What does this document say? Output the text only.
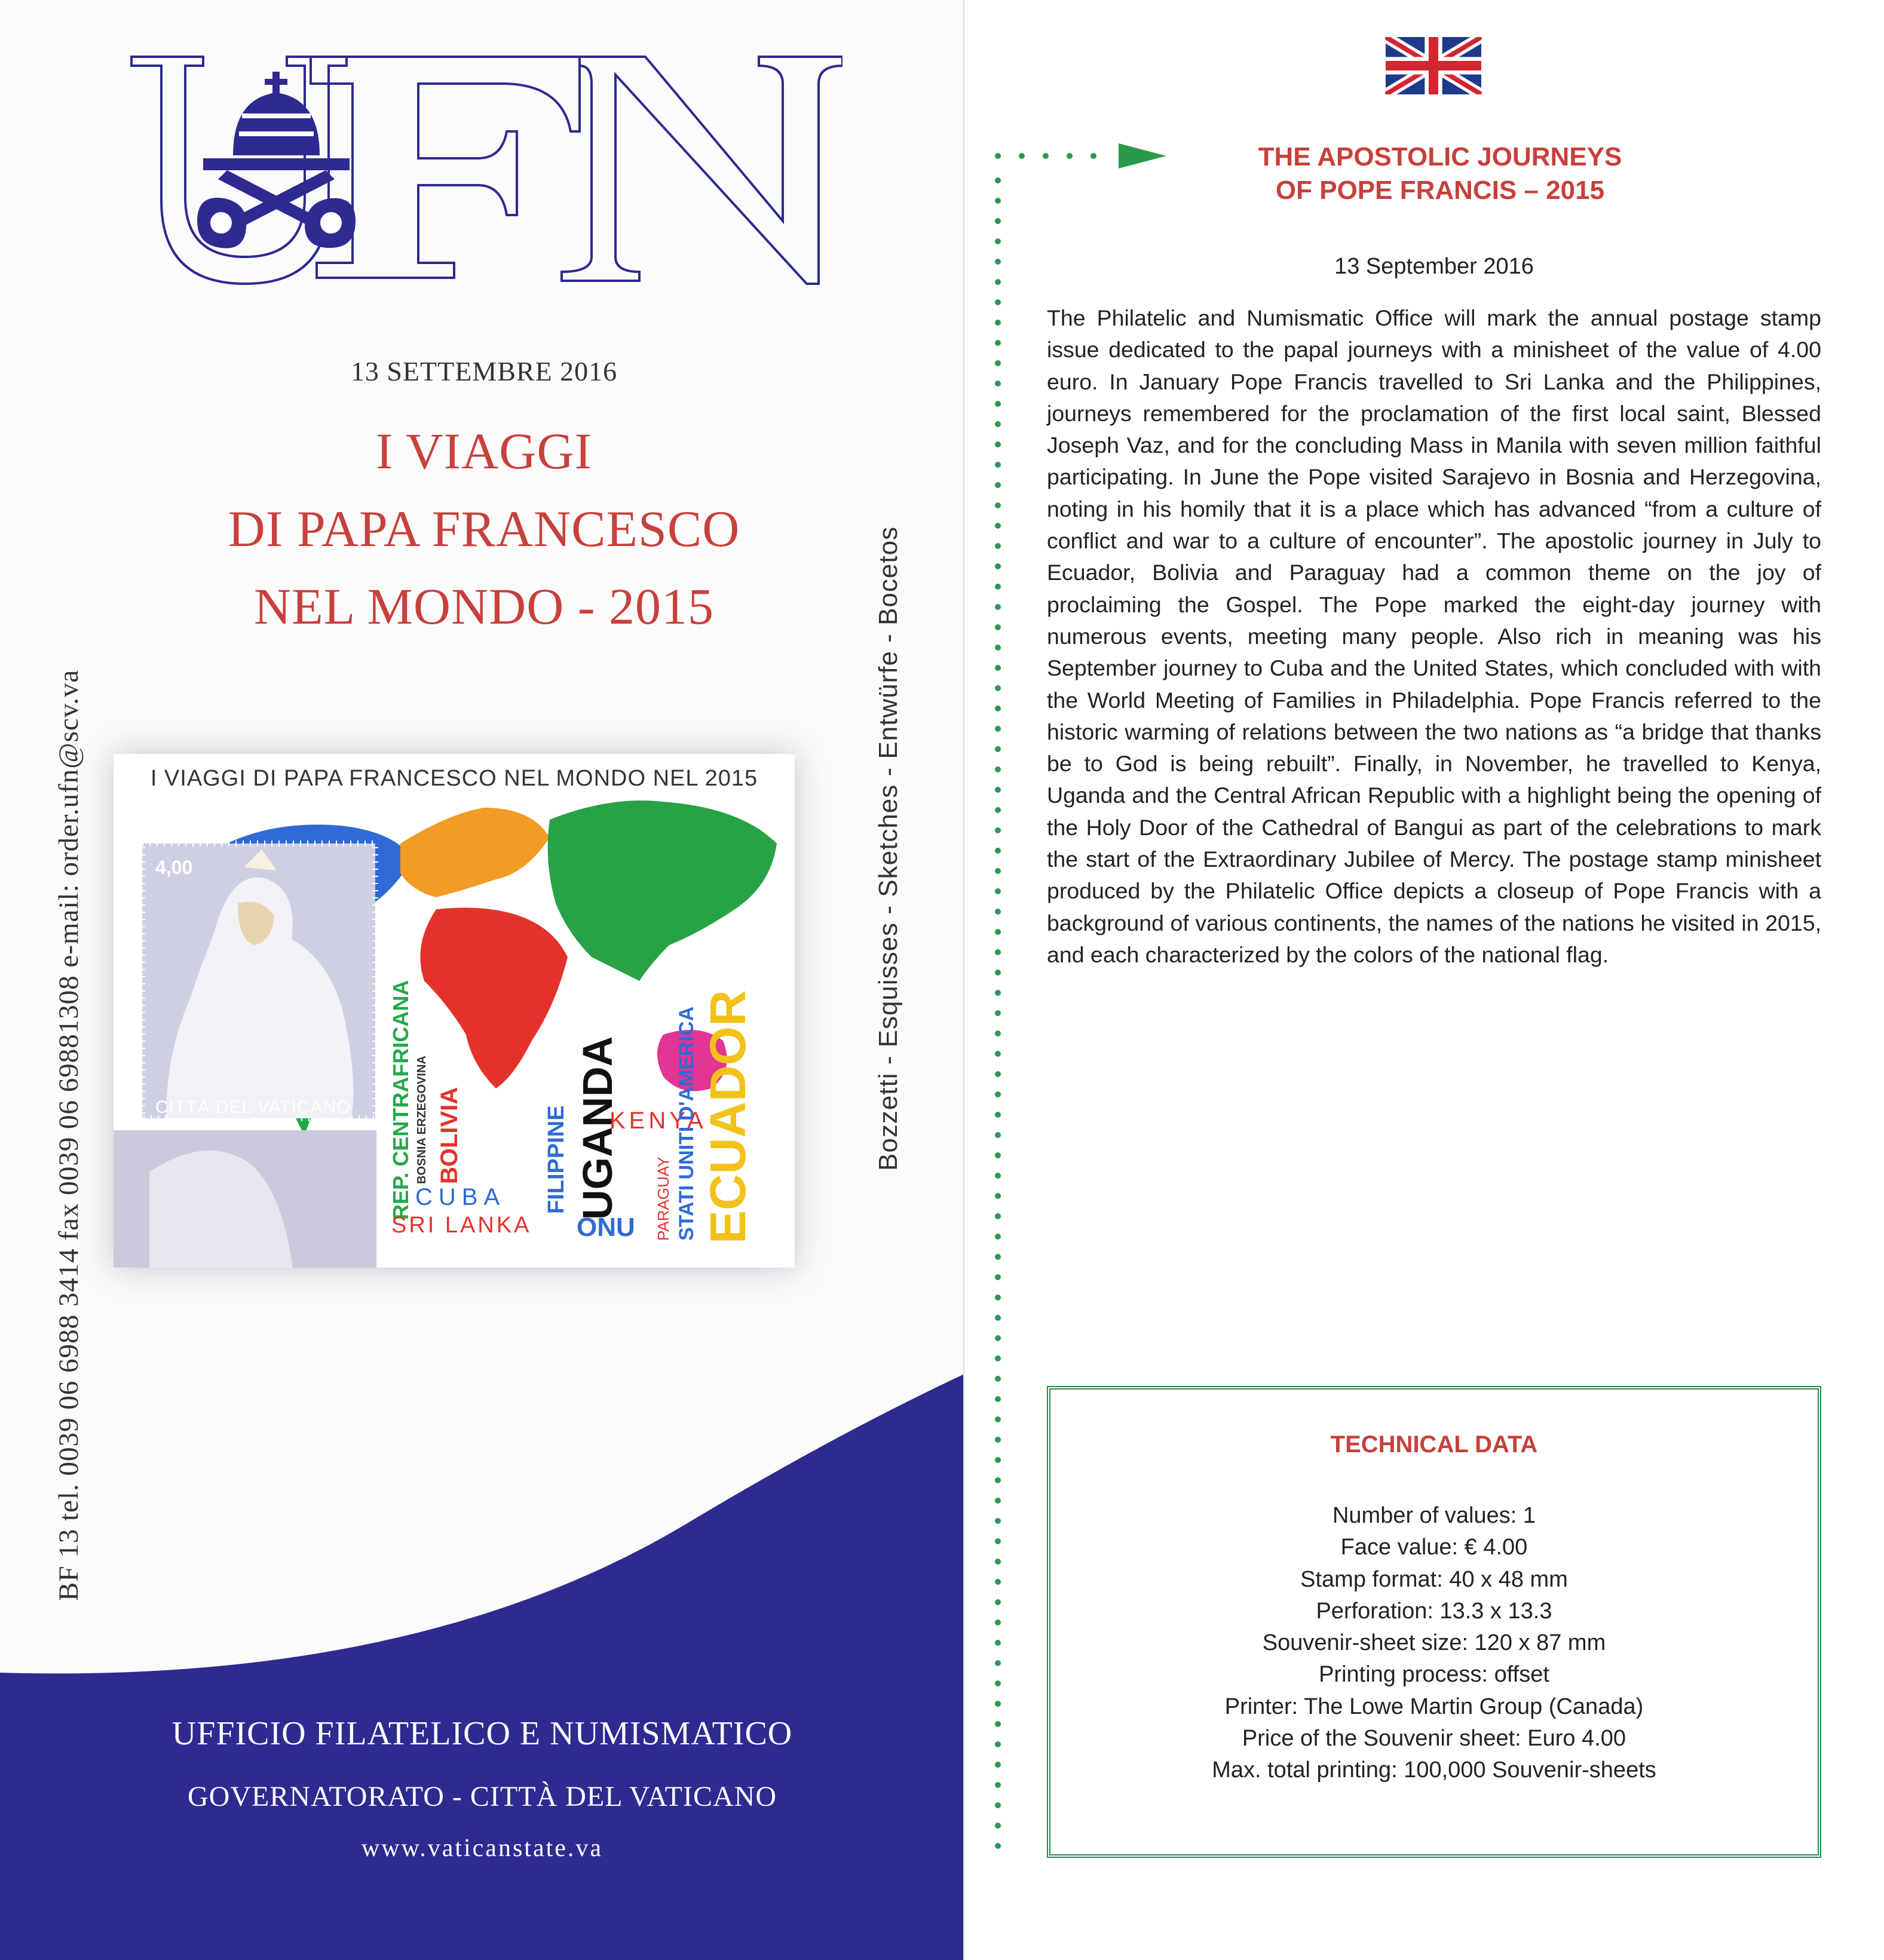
13 SETTEMBRE 2016
I VIAGGI
DI PAPA FRANCESCO
NEL MONDO - 2015
I VIAGGI DI PAPA FRANCESCO NEL MONDO NEL 2015
4,00
CITTÀ DEL VATICANO REP. CENTRAFRICANA BOSNIA ERZEGOVINA BOLIVIA
CUBA
SRI LANKA
FILIPPINE UGANDA
ONU
KENYA
PARAGUAY STATI UNITI D'AMERICA ECUADOR
BF 13 tel. 0039 06 6988 3414 fax 0039 06 69881308 e-mail: order.ufn@scv.va	Bozzetti - Esquisses - Sketches - Entwürfe - Bocetos
UFFICIO FILATELICO E NUMISMATICO
GOVERNATORATO - CITTÀ DEL VATICANO
www.vaticanstate.va
THE APOSTOLIC JOURNEYS
OF POPE FRANCIS – 2015
13 September 2016
The Philatelic and Numismatic Office will mark the annual postage stamp issue dedicated to the papal journeys with a minisheet of the value of 4.00 euro. In January Pope Francis travelled to Sri Lanka and the Philippines, journeys remembered for the proclamation of the first local saint, Blessed Joseph Vaz, and for the concluding Mass in Manila with seven million faithful participating. In June the Pope visited Sarajevo in Bosnia and Herzegovina, noting in his homily that it is a place which has advanced “from a culture of conflict and war to a culture of encounter”. The apostolic journey in July to Ecuador, Bolivia and Paraguay had a common theme on the joy of proclaiming the Gospel. The Pope marked the eight-day journey with numerous events, meeting many people. Also rich in meaning was his September journey to Cuba and the United States, which concluded with with the World Meeting of Families in Philadelphia. Pope Francis referred to the historic warming of relations between the two nations as “a bridge that thanks be to God is being rebuilt”. Finally, in November, he travelled to Kenya, Uganda and the Central African Republic with a highlight being the opening of the Holy Door of the Cathedral of Bangui as part of the celebrations to mark the start of the Extraordinary Jubilee of Mercy. The postage stamp minisheet produced by the Philatelic Office depicts a closeup of Pope Francis with a background of various continents, the names of the nations he visited in 2015, and each characterized by the colors of the national flag.
TECHNICAL DATA
Number of values: 1
Face value: € 4.00
Stamp format: 40 x 48 mm
Perforation: 13.3 x 13.3
Souvenir-sheet size: 120 x 87 mm
Printing process: offset
Printer: The Lowe Martin Group (Canada)
Price of the Souvenir sheet: Euro 4.00
Max. total printing: 100,000 Souvenir-sheets
